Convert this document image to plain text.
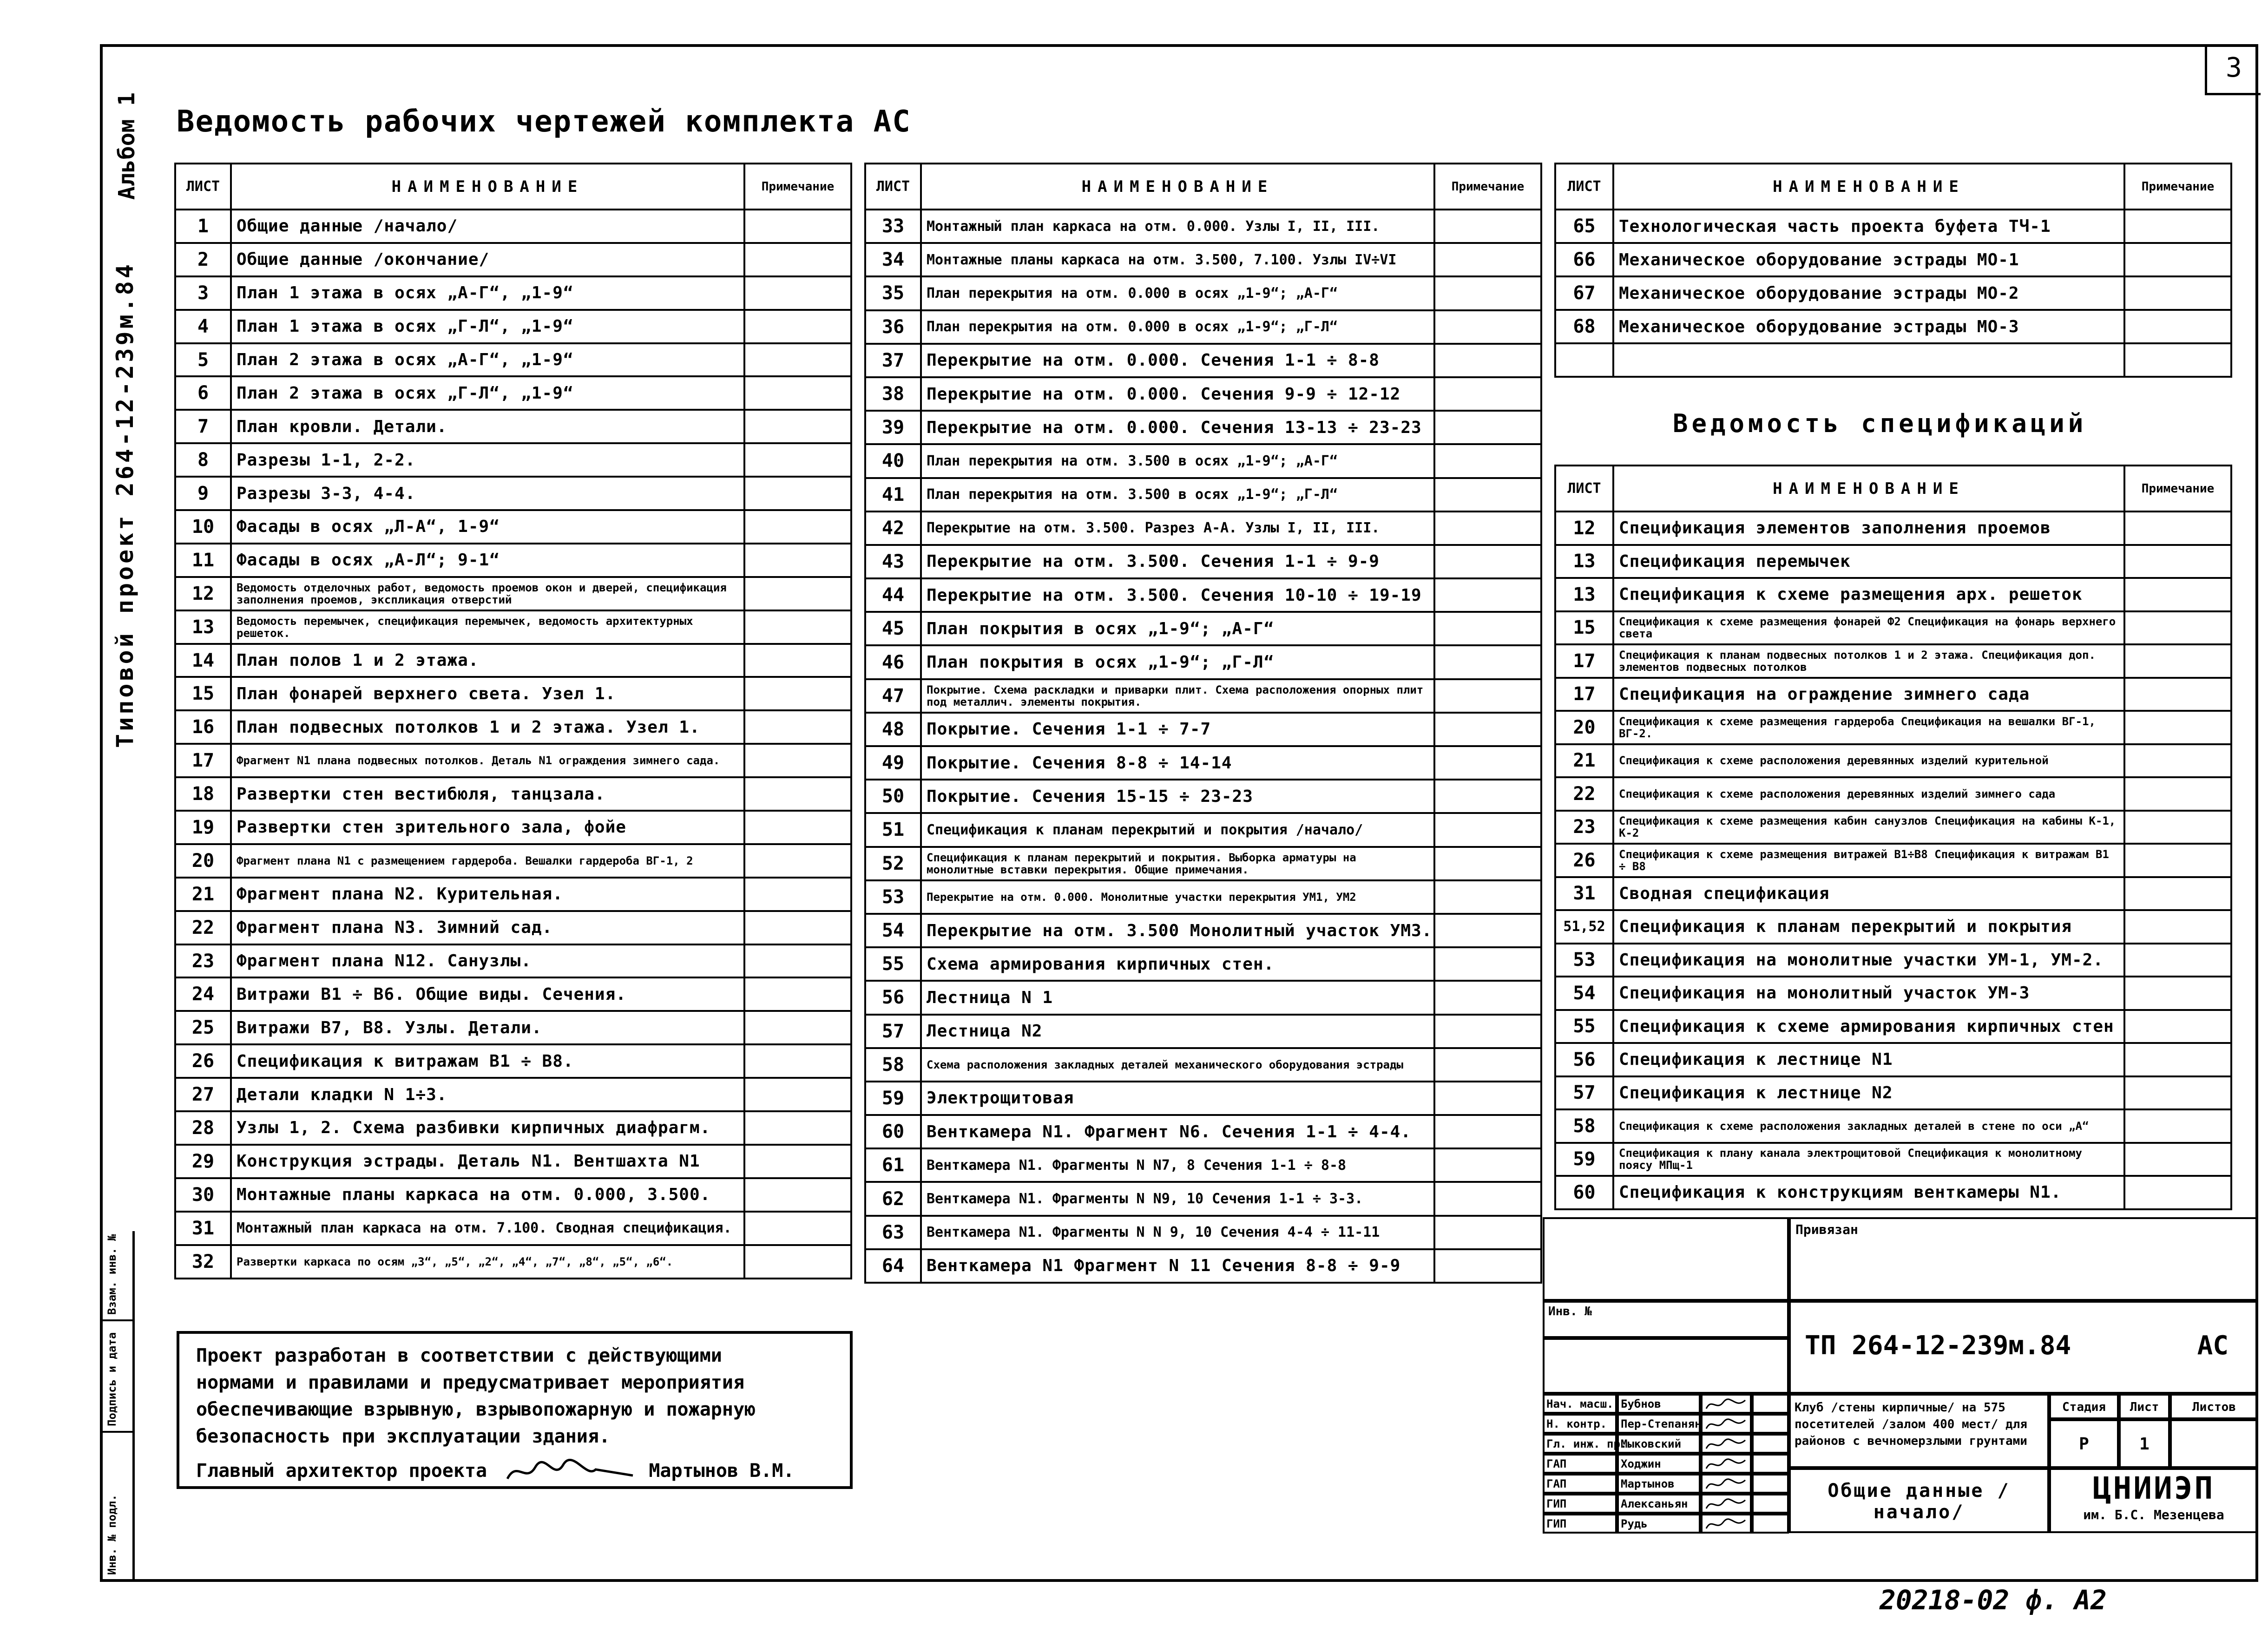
3
Альбом 1
Типовой проект 264-12-239м.84
Взам. инв. №
Подпись и дата
Инв. № подл.
Ведомость рабочих чертежей комплекта АС
ЛИСТ	НАИМЕНОВАНИЕ	Примечание
1	Общие данные /начало/	
2	Общие данные /окончание/	
3	План 1 этажа в осях „А-Г“, „1-9“	
4	План 1 этажа в осях „Г-Л“, „1-9“	
5	План 2 этажа в осях „А-Г“, „1-9“	
6	План 2 этажа в осях „Г-Л“, „1-9“	
7	План кровли. Детали.	
8	Разрезы 1-1, 2-2.	
9	Разрезы 3-3, 4-4.	
10	Фасады в осях „Л-А“, 1-9“	
11	Фасады в осях „А-Л“; 9-1“	
12	Ведомость отделочных работ, ведомость проемов окон и дверей, спецификация заполнения проемов, экспликация отверстий	
13	Ведомость перемычек, спецификация перемычек, ведомость архитектурных решеток.	
14	План полов 1 и 2 этажа.	
15	План фонарей верхнего света. Узел 1.	
16	План подвесных потолков 1 и 2 этажа. Узел 1.	
17	Фрагмент N1 плана подвесных потолков. Деталь N1 ограждения зимнего сада.	
18	Развертки стен вестибюля, танцзала.	
19	Развертки стен зрительного зала, фойе	
20	Фрагмент плана N1 с размещением гардероба. Вешалки гардероба ВГ-1, 2	
21	Фрагмент плана N2. Курительная.	
22	Фрагмент плана N3. Зимний сад.	
23	Фрагмент плана N12. Санузлы.	
24	Витражи В1 ÷ В6. Общие виды. Сечения.	
25	Витражи В7, В8. Узлы. Детали.	
26	Спецификация к витражам В1 ÷ В8.	
27	Детали кладки N 1÷3.	
28	Узлы 1, 2. Схема разбивки кирпичных диафрагм.	
29	Конструкция эстрады. Деталь N1. Вентшахта N1	
30	Монтажные планы каркаса на отм. 0.000, 3.500.	
31	Монтажный план каркаса на отм. 7.100. Сводная спецификация.	
32	Развертки каркаса по осям „3“, „5“, „2“, „4“, „7“, „8“, „5“, „6“.	
ЛИСТ	НАИМЕНОВАНИЕ	Примечание
33	Монтажный план каркаса на отм. 0.000. Узлы I, II, III.	
34	Монтажные планы каркаса на отм. 3.500, 7.100. Узлы IV÷VI	
35	План перекрытия на отм. 0.000 в осях „1-9“; „А-Г“	
36	План перекрытия на отм. 0.000 в осях „1-9“; „Г-Л“	
37	Перекрытие на отм. 0.000. Сечения 1-1 ÷ 8-8	
38	Перекрытие на отм. 0.000. Сечения 9-9 ÷ 12-12	
39	Перекрытие на отм. 0.000. Сечения 13-13 ÷ 23-23	
40	План перекрытия на отм. 3.500 в осях „1-9“; „А-Г“	
41	План перекрытия на отм. 3.500 в осях „1-9“; „Г-Л“	
42	Перекрытие на отм. 3.500. Разрез А-А. Узлы I, II, III.	
43	Перекрытие на отм. 3.500. Сечения 1-1 ÷ 9-9	
44	Перекрытие на отм. 3.500. Сечения 10-10 ÷ 19-19	
45	План покрытия в осях „1-9“; „А-Г“	
46	План покрытия в осях „1-9“; „Г-Л“	
47	Покрытие. Схема раскладки и приварки плит. Схема расположения опорных плит под металлич. элементы покрытия.	
48	Покрытие. Сечения 1-1 ÷ 7-7	
49	Покрытие. Сечения 8-8 ÷ 14-14	
50	Покрытие. Сечения 15-15 ÷ 23-23	
51	Спецификация к планам перекрытий и покрытия /начало/	
52	Спецификация к планам перекрытий и покрытия. Выборка арматуры на монолитные вставки перекрытия. Общие примечания.	
53	Перекрытие на отм. 0.000. Монолитные участки перекрытия УМ1, УМ2	
54	Перекрытие на отм. 3.500 Монолитный участок УМ3.	
55	Схема армирования кирпичных стен.	
56	Лестница N 1	
57	Лестница N2	
58	Схема расположения закладных деталей механического оборудования эстрады	
59	Электрощитовая	
60	Венткамера N1. Фрагмент N6. Сечения 1-1 ÷ 4-4.	
61	Венткамера N1. Фрагменты N N7, 8 Сечения 1-1 ÷ 8-8	
62	Венткамера N1. Фрагменты N N9, 10 Сечения 1-1 ÷ 3-3.	
63	Венткамера N1. Фрагменты N N 9, 10 Сечения 4-4 ÷ 11-11	
64	Венткамера N1 Фрагмент N 11 Сечения 8-8 ÷ 9-9	
ЛИСТ	НАИМЕНОВАНИЕ	Примечание
65	Технологическая часть проекта буфета ТЧ-1	
66	Механическое оборудование эстрады МО-1	
67	Механическое оборудование эстрады МО-2	
68	Механическое оборудование эстрады МО-3	

Ведомость спецификаций
ЛИСТ	НАИМЕНОВАНИЕ	Примечание
12	Спецификация элементов заполнения проемов	
13	Спецификация перемычек	
13	Спецификация к схеме размещения арх. решеток	
15	Спецификация к схеме размещения фонарей Ф2 Спецификация на фонарь верхнего света	
17	Спецификация к планам подвесных потолков 1 и 2 этажа. Спецификация доп. элементов подвесных потолков	
17	Спецификация на ограждение зимнего сада	
20	Спецификация к схеме размещения гардероба Спецификация на вешалки ВГ-1, ВГ-2.	
21	Спецификация к схеме расположения деревянных изделий курительной	
22	Спецификация к схеме расположения деревянных изделий зимнего сада	
23	Спецификация к схеме размещения кабин санузлов Спецификация на кабины К-1, К-2	
26	Спецификация к схеме размещения витражей В1÷В8 Спецификация к витражам В1 ÷ В8	
31	Сводная спецификация	
51,52	Спецификация к планам перекрытий и покрытия	
53	Спецификация на монолитные участки УМ-1, УМ-2.	
54	Спецификация на монолитный участок УМ-3	
55	Спецификация к схеме армирования кирпичных стен	
56	Спецификация к лестнице N1	
57	Спецификация к лестнице N2	
58	Спецификация к схеме расположения закладных деталей в стене по оси „А“	
59	Спецификация к плану канала электрощитовой Спецификация к монолитному поясу МПщ-1	
60	Спецификация к конструкциям венткамеры N1.	
Проект разработан в соответствии с действующими
нормами и правилами и предусматривает мероприятия
обеспечивающие взрывную, взрывопожарную и пожарную
безопасность при эксплуатации здания.
Главный архитектор проекта	Мартынов В.М.
Привязан
Инв. №
ТП 264-12-239м.84	АС
Нач. масш. Бубнов
Н. контр.	Пер-Степанян
Гл. инж. пр.
Мыковский
ГАП	Ходжин
ГАП	Мартынов
ГИП	Алексаньян
ГИП	Рудь
Клуб /стены кирпичные/ на 575 посетителей /залом 400 мест/ для районов с вечномерзлыми грунтами
Стадия	Лист	Листов
Р	1
Общие данные /начало/
ЦНИИЭП
им. Б.С. Мезенцева
20218-02 ф. А2
